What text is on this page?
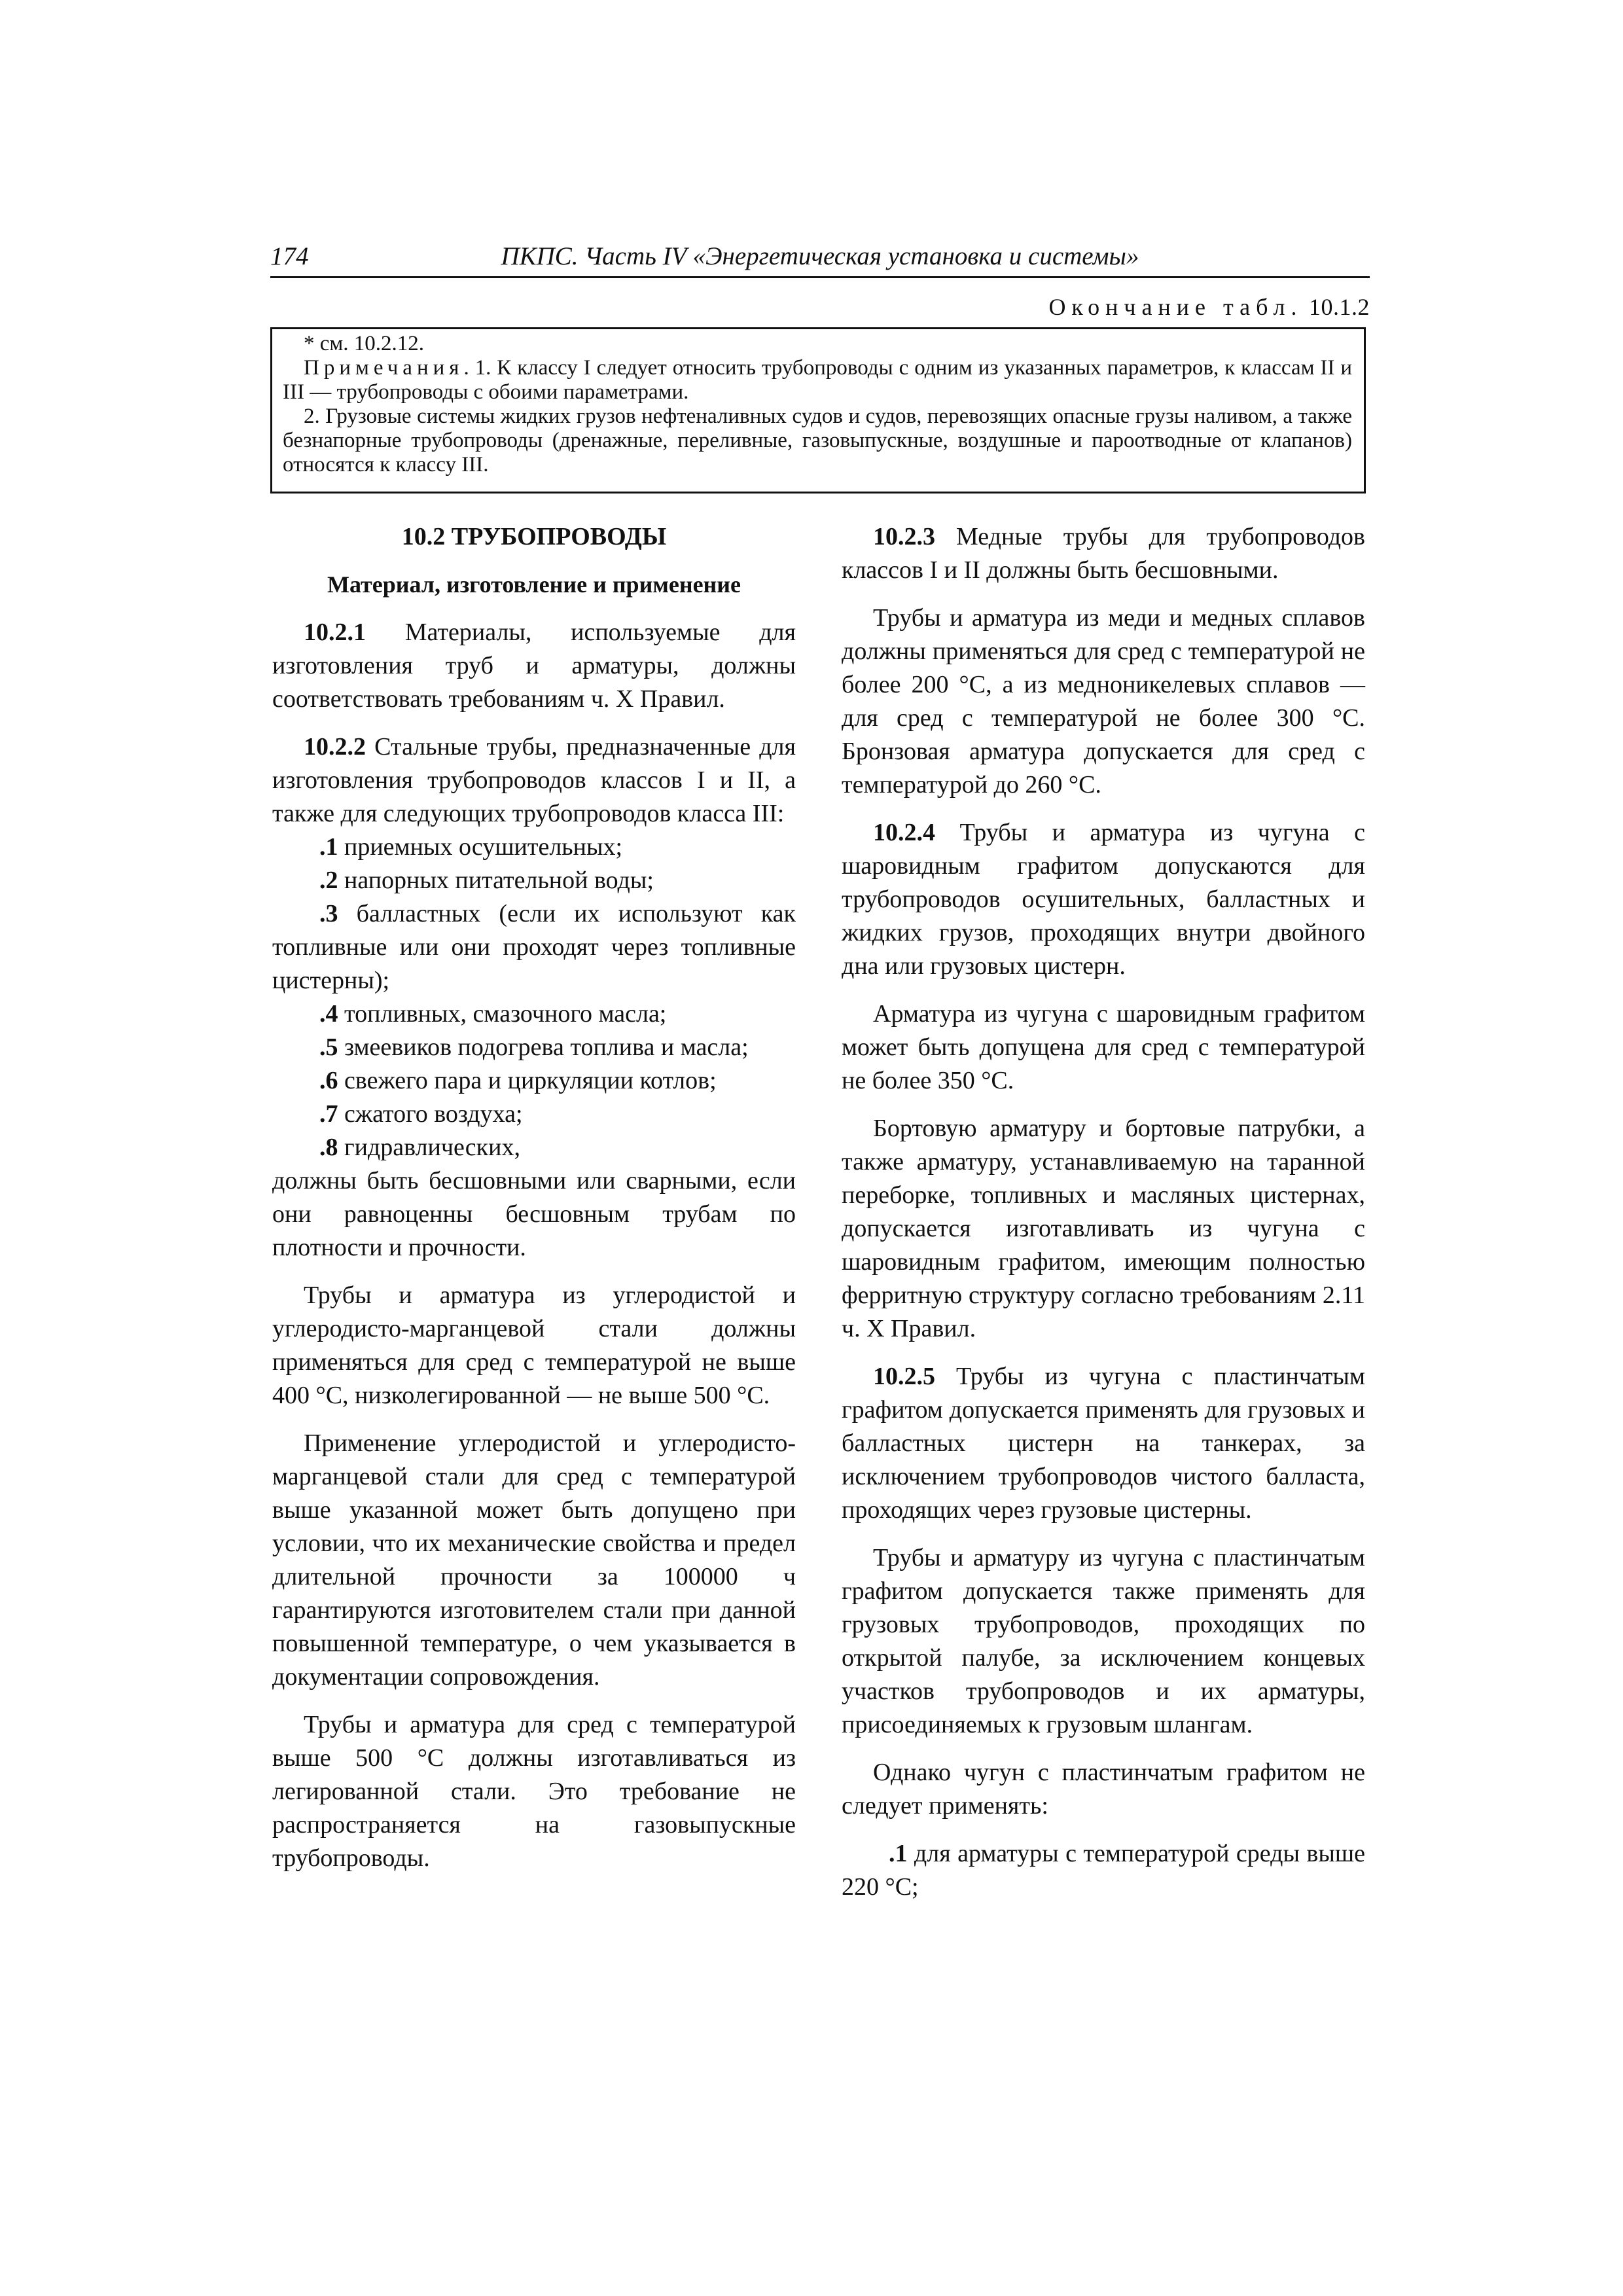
174	ПКПС. Часть IV «Энергетическая установка и системы»
Окончание табл. 10.1.2

* см. 10.2.12.

Примечания. 1. К классу I следует относить трубопроводы с одним из указанных параметров, к классам II и III — трубопроводы с обоими параметрами.

2. Грузовые системы жидких грузов нефтеналивных судов и судов, перевозящих опасные грузы наливом, а также безнапорные трубопроводы (дренажные, переливные, газовыпускные, воздушные и пароотводные от клапанов) относятся к классу III.

10.2 ТРУБОПРОВОДЫ
Материал, изготовление и применение

10.2.1 Материалы, используемые для изготовления труб и арматуры, должны соответствовать требованиям ч. X Правил.

10.2.2 Стальные трубы, предназначенные для изготовления трубопроводов классов I и II, а также для следующих трубопроводов класса III:

.1 приемных осушительных;

.2 напорных питательной воды;

.3 балластных (если их используют как топливные или они проходят через топливные цистерны);

.4 топливных, смазочного масла;

.5 змеевиков подогрева топлива и масла;

.6 свежего пара и циркуляции котлов;

.7 сжатого воздуха;

.8 гидравлических,

должны быть бесшовными или сварными, если они равноценны бесшовным трубам по плотности и прочности.

Трубы и арматура из углеродистой и углеродисто-марганцевой стали должны применяться для сред с температурой не выше 400 °С, низколегированной — не выше 500 °С.

Применение углеродистой и углеродисто-марганцевой стали для сред с температурой выше указанной может быть допущено при условии, что их механические свойства и предел длительной прочности за 100000 ч гарантируются изготовителем стали при данной повышенной температуре, о чем указывается в документации сопровождения.

Трубы и арматура для сред с температурой выше 500 °С должны изготавливаться из легированной стали. Это требование не распространяется на газовыпускные трубопроводы.

10.2.3 Медные трубы для трубопроводов классов I и II должны быть бесшовными.

Трубы и арматура из меди и медных сплавов должны применяться для сред с температурой не более 200 °С, а из медноникелевых сплавов — для сред с температурой не более 300 °С. Бронзовая арматура допускается для сред с температурой до 260 °С.

10.2.4 Трубы и арматура из чугуна с шаровидным графитом допускаются для трубопроводов осушительных, балластных и жидких грузов, проходящих внутри двойного дна или грузовых цистерн.

Арматура из чугуна с шаровидным графитом может быть допущена для сред с температурой не более 350 °С.

Бортовую арматуру и бортовые патрубки, а также арматуру, устанавливаемую на таранной переборке, топливных и масляных цистернах, допускается изготавливать из чугуна с шаровидным графитом, имеющим полностью ферритную структуру согласно требованиям 2.11 ч. X Правил.

10.2.5 Трубы из чугуна с пластинчатым графитом допускается применять для грузовых и балластных цистерн на танкерах, за исключением трубопроводов чистого балласта, проходящих через грузовые цистерны.

Трубы и арматуру из чугуна с пластинчатым графитом допускается также применять для грузовых трубопроводов, проходящих по открытой палубе, за исключением концевых участков трубопроводов и их арматуры, присоединяемых к грузовым шлангам.

Однако чугун с пластинчатым графитом не следует применять:

.1 для арматуры с температурой среды выше 220 °С;
